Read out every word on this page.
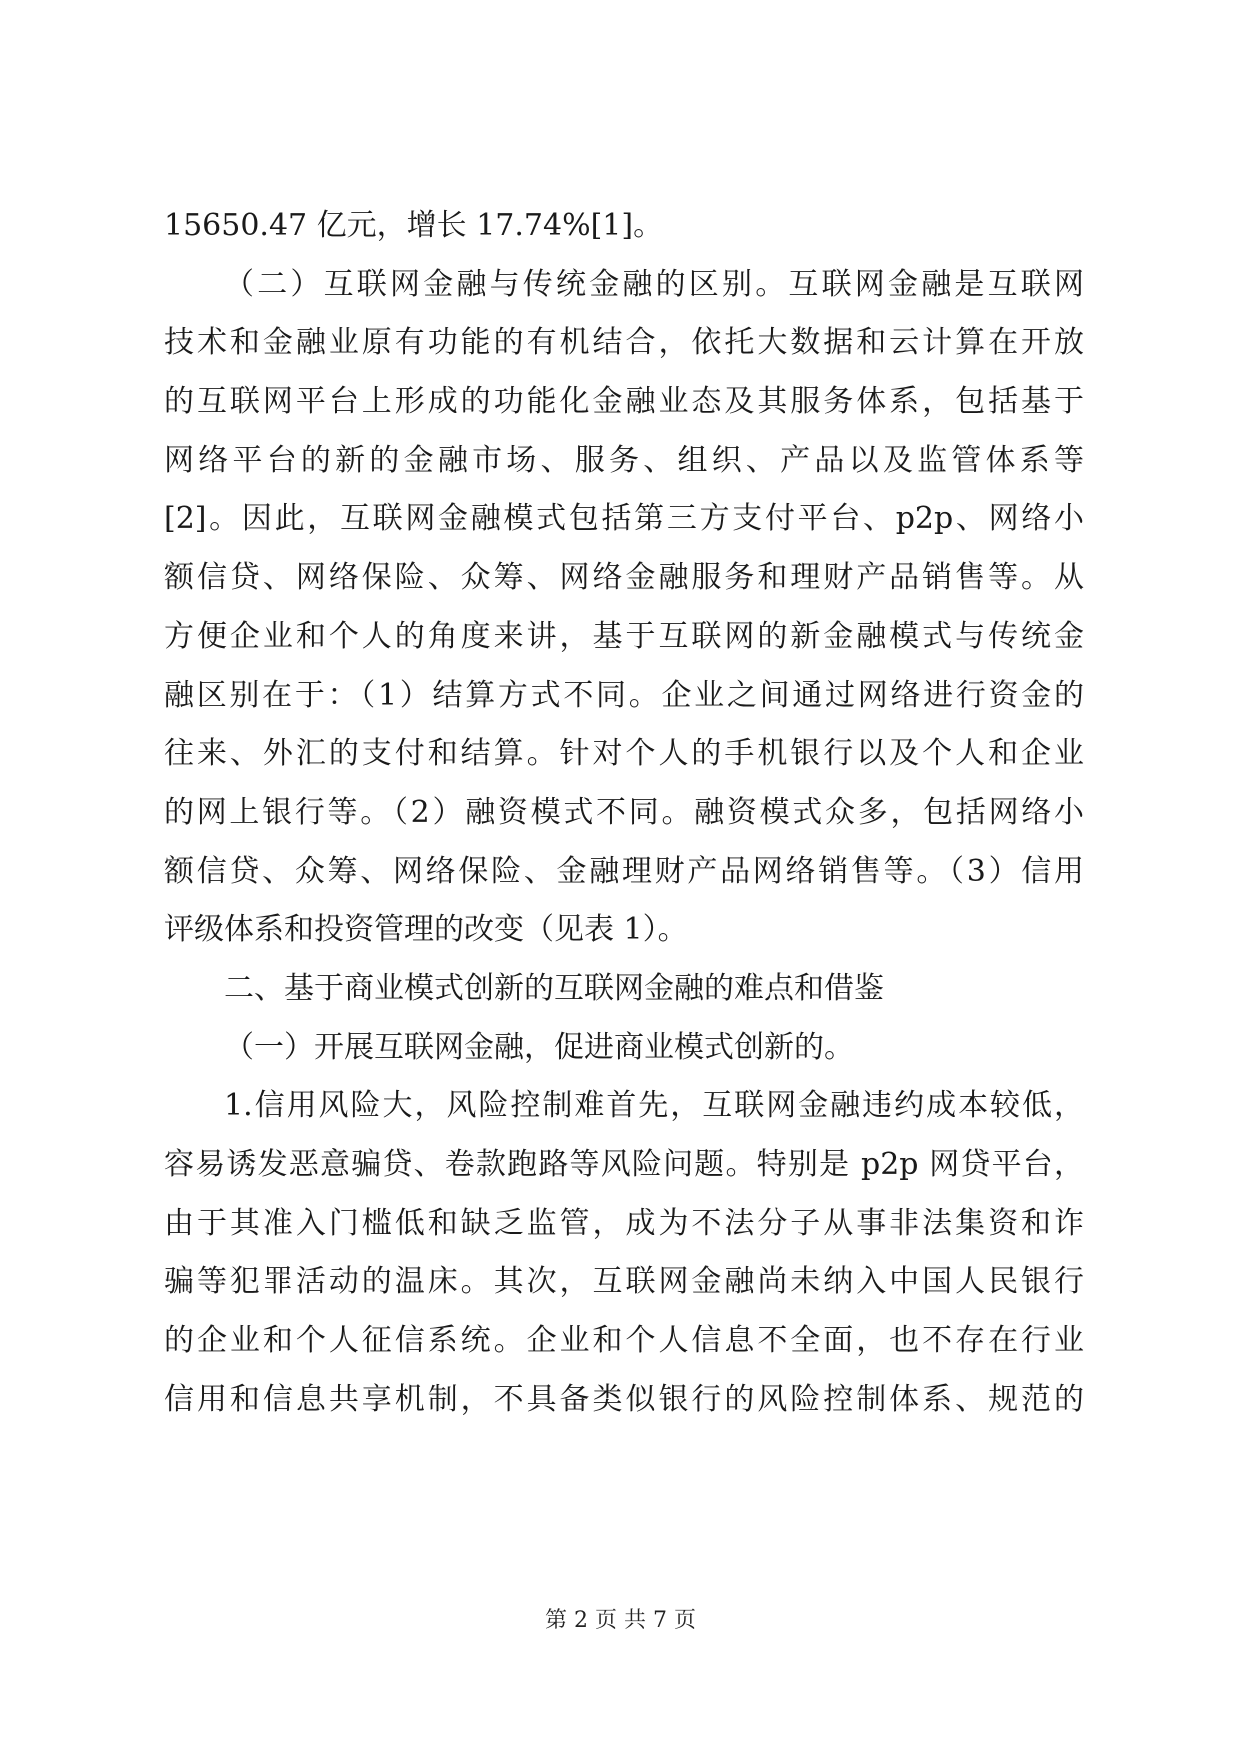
15650.47 亿元，增长 17.74%[1]。
（二）互联网金融与传统金融的区别。互联网金融是互联网
技术和金融业原有功能的有机结合，依托大数据和云计算在开放
的互联网平台上形成的功能化金融业态及其服务体系，包括基于
网络平台的新的金融市场、服务、组织、产品以及监管体系等
[2]。因此，互联网金融模式包括第三方支付平台、p2p、网络小
额信贷、网络保险、众筹、网络金融服务和理财产品销售等。从
方便企业和个人的角度来讲，基于互联网的新金融模式与传统金
融区别在于：（1）结算方式不同。企业之间通过网络进行资金的
往来、外汇的支付和结算。针对个人的手机银行以及个人和企业
的网上银行等。（2）融资模式不同。融资模式众多，包括网络小
额信贷、众筹、网络保险、金融理财产品网络销售等。（3）信用
评级体系和投资管理的改变（见表 1）。
二、基于商业模式创新的互联网金融的难点和借鉴
（一）开展互联网金融，促进商业模式创新的。
1.信用风险大，风险控制难首先，互联网金融违约成本较低，
容易诱发恶意骗贷、卷款跑路等风险问题。特别是 p2p 网贷平台，
由于其准入门槛低和缺乏监管，成为不法分子从事非法集资和诈
骗等犯罪活动的温床。其次，互联网金融尚未纳入中国人民银行
的企业和个人征信系统。企业和个人信息不全面，也不存在行业
信用和信息共享机制，不具备类似银行的风险控制体系、规范的
第 2 页 共 7 页
